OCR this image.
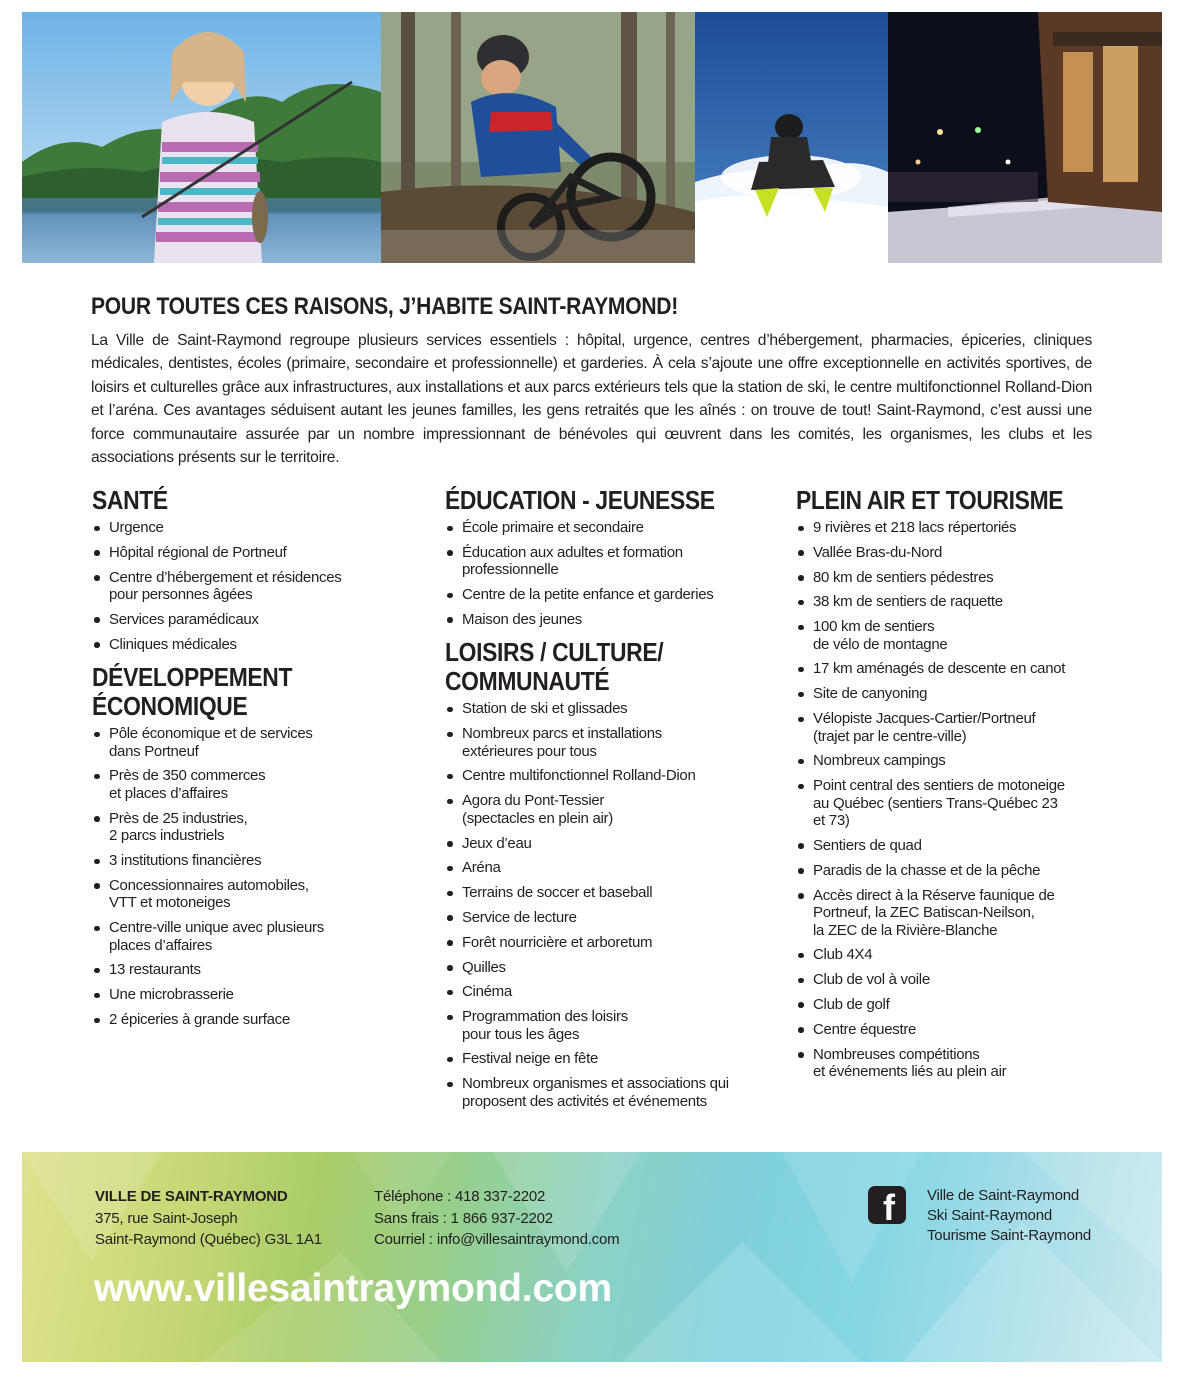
POUR TOUTES CES RAISONS, J’HABITE SAINT-RAYMOND!

La Ville de Saint-Raymond regroupe plusieurs services essentiels : hôpital, urgence, centres d’hébergement, pharmacies, épiceries, cliniques médicales, dentistes, écoles (primaire, secondaire et professionnelle) et garderies. À cela s’ajoute une offre exceptionnelle en activités sportives, de loisirs et culturelles grâce aux infrastructures, aux installations et aux parcs extérieurs tels que la station de ski, le centre multifonctionnel Rolland-Dion et l’aréna. Ces avantages séduisent autant les jeunes familles, les gens retraités que les aînés : on trouve de tout! Saint-Raymond, c’est aussi une force communautaire assurée par un nombre impressionnant de bénévoles qui œuvrent dans les comités, les organismes, les clubs et les associations présents sur le territoire.

SANTÉ
Urgence
Hôpital régional de Portneuf
Centre d’hébergement et résidences
pour personnes âgées
Services paramédicaux
Cliniques médicales
DÉVELOPPEMENT
ÉCONOMIQUE
Pôle économique et de services
dans Portneuf
Près de 350 commerces
et places d’affaires
Près de 25 industries,
2 parcs industriels
3 institutions financières
Concessionnaires automobiles,
VTT et motoneiges
Centre-ville unique avec plusieurs
places d’affaires
13 restaurants
Une microbrasserie
2 épiceries à grande surface
ÉDUCATION - JEUNESSE
École primaire et secondaire
Éducation aux adultes et formation
professionnelle
Centre de la petite enfance et garderies
Maison des jeunes
LOISIRS / CULTURE/
COMMUNAUTÉ
Station de ski et glissades
Nombreux parcs et installations
extérieures pour tous
Centre multifonctionnel Rolland-Dion
Agora du Pont-Tessier
(spectacles en plein air)
Jeux d’eau
Aréna
Terrains de soccer et baseball
Service de lecture
Forêt nourricière et arboretum
Quilles
Cinéma
Programmation des loisirs
pour tous les âges
Festival neige en fête
Nombreux organismes et associations qui
proposent des activités et événements
PLEIN AIR ET TOURISME
9 rivières et 218 lacs répertoriés
Vallée Bras-du-Nord
80 km de sentiers pédestres
38 km de sentiers de raquette
100 km de sentiers
de vélo de montagne
17 km aménagés de descente en canot
Site de canyoning
Vélopiste Jacques-Cartier/Portneuf
(trajet par le centre-ville)
Nombreux campings
Point central des sentiers de motoneige
au Québec (sentiers Trans-Québec 23
et 73)
Sentiers de quad
Paradis de la chasse et de la pêche
Accès direct à la Réserve faunique de
Portneuf, la ZEC Batiscan-Neilson,
la ZEC de la Rivière-Blanche
Club 4X4
Club de vol à voile
Club de golf
Centre équestre
Nombreuses compétitions
et événements liés au plein air
VILLE DE SAINT-RAYMOND
375, rue Saint-Joseph
Saint-Raymond (Québec) G3L 1A1
Téléphone : 418 337-2202
Sans frais : 1 866 937-2202
Courriel : info@villesaintraymond.com
f Ville de Saint-Raymond
Ski Saint-Raymond
Tourisme Saint-Raymond
www.villesaintraymond.com
